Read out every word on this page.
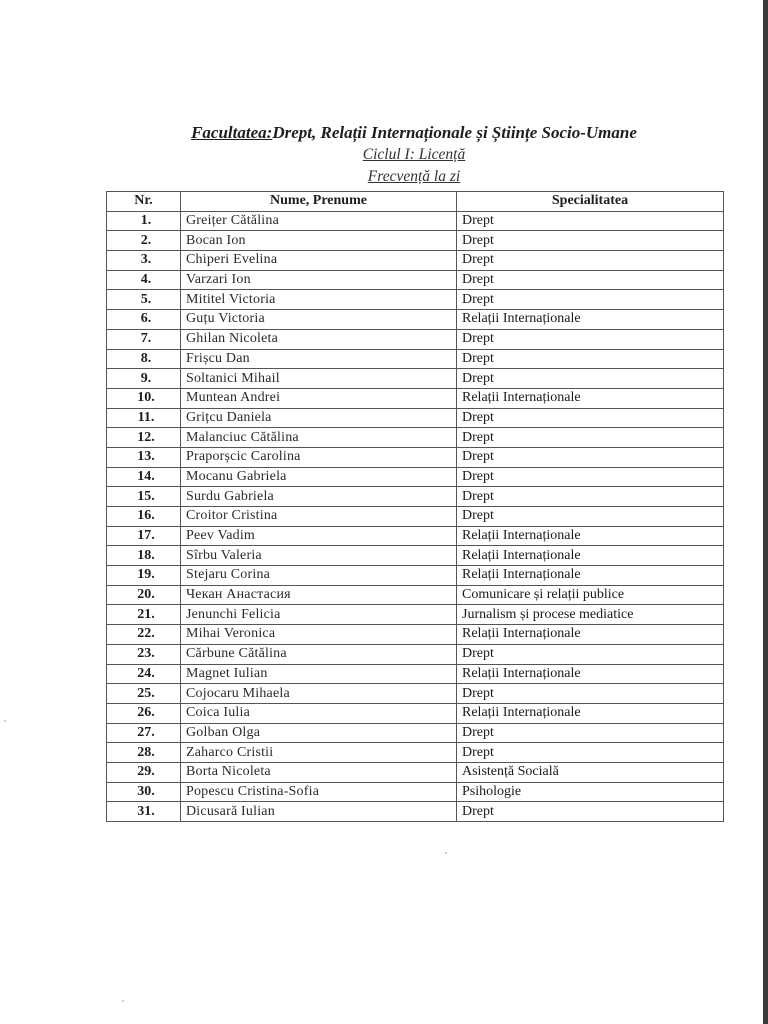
Facultatea:Drept, Relații Internaționale și Științe Socio-Umane
Ciclul I: Licență
Frecvență la zi
Nr.	Nume, Prenume	Specialitatea
1.	Greițer Cătălina	Drept
2.	Bocan Ion	Drept
3.	Chiperi Evelina	Drept
4.	Varzari Ion	Drept
5.	Mititel Victoria	Drept
6.	Guțu Victoria	Relații Internaționale
7.	Ghilan Nicoleta	Drept
8.	Frișcu Dan	Drept
9.	Soltanici Mihail	Drept
10.	Muntean Andrei	Relații Internaționale
11.	Grițcu Daniela	Drept
12.	Malanciuc Cătălina	Drept
13.	Praporșcic Carolina	Drept
14.	Mocanu Gabriela	Drept
15.	Surdu Gabriela	Drept
16.	Croitor Cristina	Drept
17.	Peev Vadim	Relații Internaționale
18.	Sîrbu Valeria	Relații Internaționale
19.	Stejaru Corina	Relații Internaționale
20.	Чекан Анастасия	Comunicare și relații publice
21.	Jenunchi Felicia	Jurnalism și procese mediatice
22.	Mihai Veronica	Relații Internaționale
23.	Cărbune Cătălina	Drept
24.	Magnet Iulian	Relații Internaționale
25.	Cojocaru Mihaela	Drept
26.	Coica Iulia	Relații Internaționale
27.	Golban Olga	Drept
28.	Zaharco Cristii	Drept
29.	Borta Nicoleta	Asistență Socială
30.	Popescu Cristina-Sofia	Psihologie
31.	Dicusară Iulian	Drept
